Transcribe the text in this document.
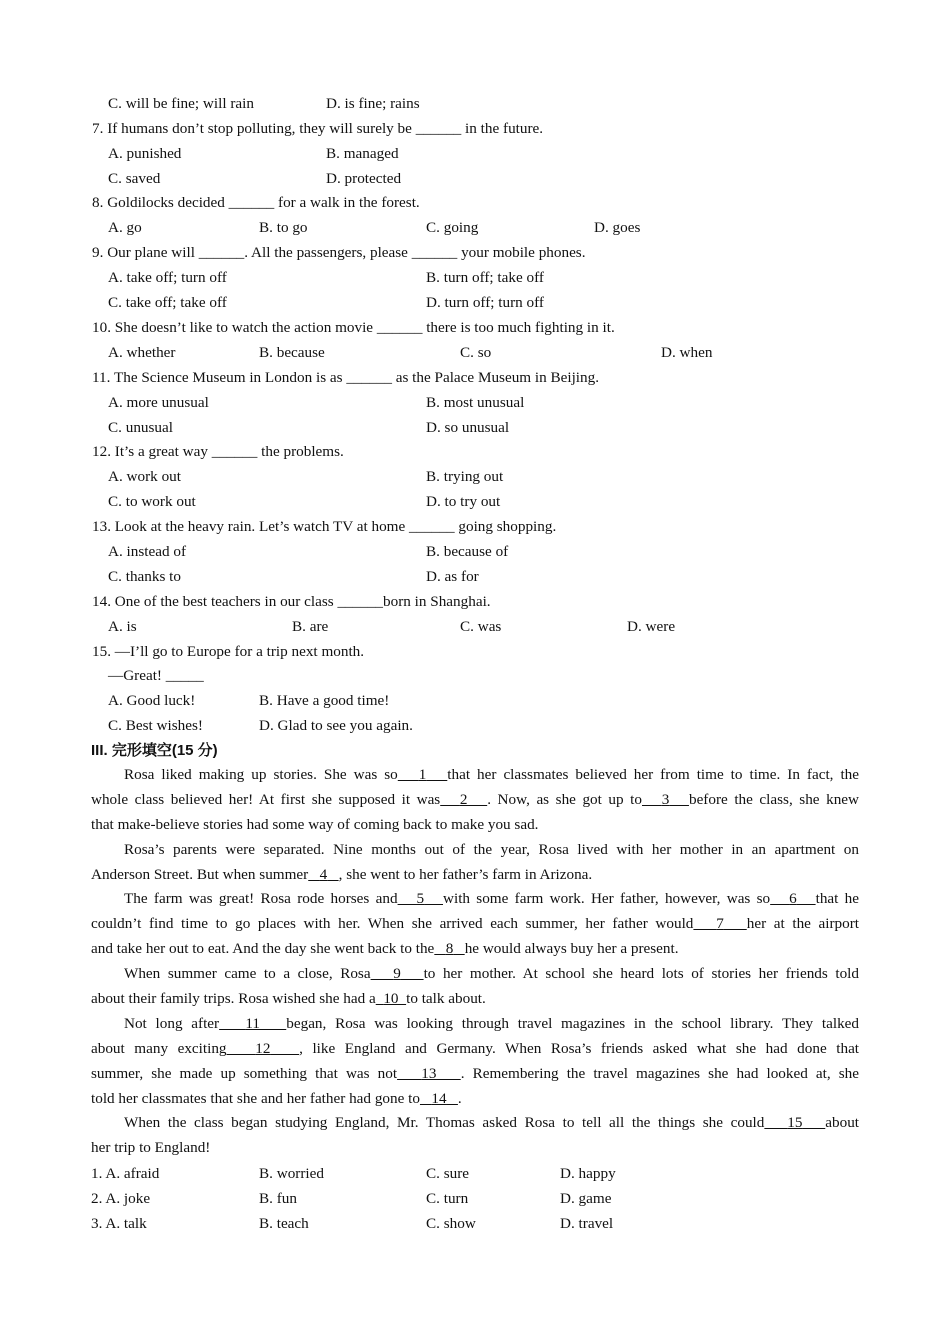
C. will be fine; will rain	D. is fine; rains
7. If humans don’t stop polluting, they will surely be ______ in the future.
A. punished	B. managed
C. saved	D. protected
8. Goldilocks decided ______ for a walk in the forest.
A. go	B. to go	C. going	D. goes
9. Our plane will ______. All the passengers, please ______ your mobile phones.
A. take off; turn off	B. turn off; take off
C. take off; take off	D. turn off; turn off
10. She doesn’t like to watch the action movie ______ there is too much fighting in it.
A. whether	B. because	C. so	D. when
11. The Science Museum in London is as ______ as the Palace Museum in Beijing.
A. more unusual	B. most unusual
C. unusual	D. so unusual
12. It’s a great way ______ the problems.
A. work out	B. trying out
C. to work out	D. to try out
13. Look at the heavy rain. Let’s watch TV at home ______ going shopping.
A. instead of	B. because of
C. thanks to	D. as for
14. One of the best teachers in our class ______born in Shanghai.
A. is	B. are	C. was	D. were
15. —I’ll go to Europe for a trip next month.
—Great! _____
A. Good luck!	B. Have a good time!
C. Best wishes!	D. Glad to see you again.
III. 完形填空(15 分)
Rosa liked making up stories. She was so 1 that her classmates believed her from time to time. In fact, the
whole class believed her! At first she supposed it was 2 . Now, as she got up to 3 before the class, she knew
that make-believe stories had some way of coming back to make you sad.
Rosa’s parents were separated. Nine months out of the year, Rosa lived with her mother in an apartment on
Anderson Street. But when summer 4 , she went to her father’s farm in Arizona.
The farm was great! Rosa rode horses and 5 with some farm work. Her father, however, was so 6 that he
couldn’t find time to go places with her. When she arrived each summer, her father would 7 her at the airport
and take her out to eat. And the day she went back to the 8 he would always buy her a present.
When summer came to a close, Rosa 9 to her mother. At school she heard lots of stories her friends told
about their family trips. Rosa wished she had a 10 to talk about.
Not long after 11 began, Rosa was looking through travel magazines in the school library. They talked
about many exciting 12 , like England and Germany. When Rosa’s friends asked what she had done that
summer, she made up something that was not 13 . Remembering the travel magazines she had looked at, she
told her classmates that she and her father had gone to 14 .
When the class began studying England, Mr. Thomas asked Rosa to tell all the things she could 15 about
her trip to England!
1. A. afraid	B. worried	C. sure	D. happy
2. A. joke	B. fun	C. turn	D. game
3. A. talk	B. teach	C. show	D. travel
